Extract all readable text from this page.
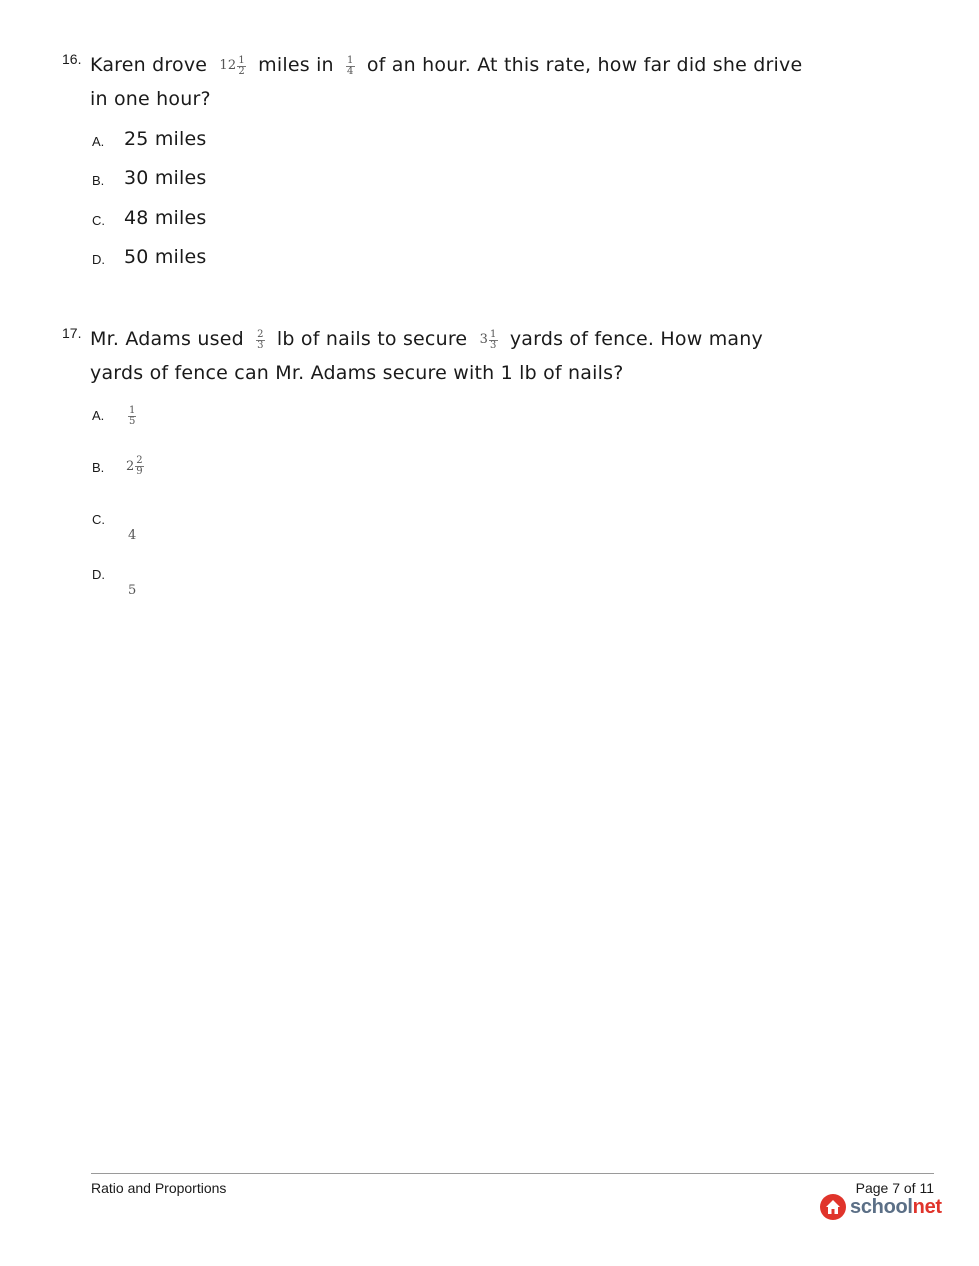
16. Karen drove $12 \frac{1}{2}$ miles in $\frac{1}{4}$ of an hour. At this rate, how far did she drive
in one hour?
A. 25 miles
B. 30 miles
C. 48 miles
D. 50 miles
17. Mr. Adams used $\frac{2}{3}$ lb of nails to secure $3 \frac{1}{3}$ yards of fence. How many
yards of fence can Mr. Adams secure with 1 lb of nails?
A. $\frac{1}{5}$
B. $2 \frac{2}{9}$
C.
4
D.
5
Ratio and Proportions	Page 7 of 11
schoolnet
